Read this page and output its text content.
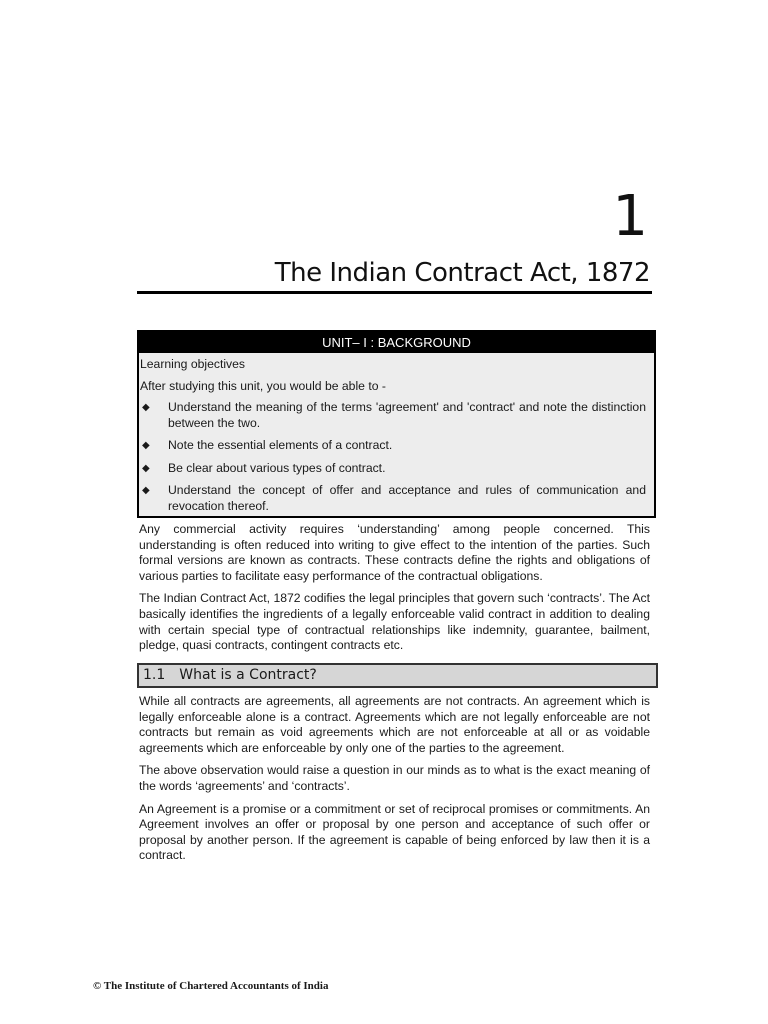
1
The Indian Contract Act, 1872
UNIT– I : BACKGROUND

Learning objectives

After studying this unit, you would be able to -

◆ Understand the meaning of the terms 'agreement' and 'contract' and note the distinction between the two.
◆ Note the essential elements of a contract.
◆ Be clear about various types of contract.
◆ Understand the concept of offer and acceptance and rules of communication and revocation thereof.

Any commercial activity requires ‘understanding’ among people concerned. This understanding is often reduced into writing to give effect to the intention of the parties. Such formal versions are known as contracts. These contracts define the rights and obligations of various parties to facilitate easy performance of the contractual obligations.

The Indian Contract Act, 1872 codifies the legal principles that govern such ‘contracts’. The Act basically identifies the ingredients of a legally enforceable valid contract in addition to dealing with certain special type of contractual relationships like indemnity, guarantee, bailment, pledge, quasi contracts, contingent contracts etc.

1.1 What is a Contract?

While all contracts are agreements, all agreements are not contracts. An agreement which is legally enforceable alone is a contract. Agreements which are not legally enforceable are not contracts but remain as void agreements which are not enforceable at all or as voidable agreements which are enforceable by only one of the parties to the agreement.

The above observation would raise a question in our minds as to what is the exact meaning of the words ‘agreements’ and ‘contracts’.

An Agreement is a promise or a commitment or set of reciprocal promises or commitments. An Agreement involves an offer or proposal by one person and acceptance of such offer or proposal by another person. If the agreement is capable of being enforced by law then it is a contract.

© The Institute of Chartered Accountants of India
